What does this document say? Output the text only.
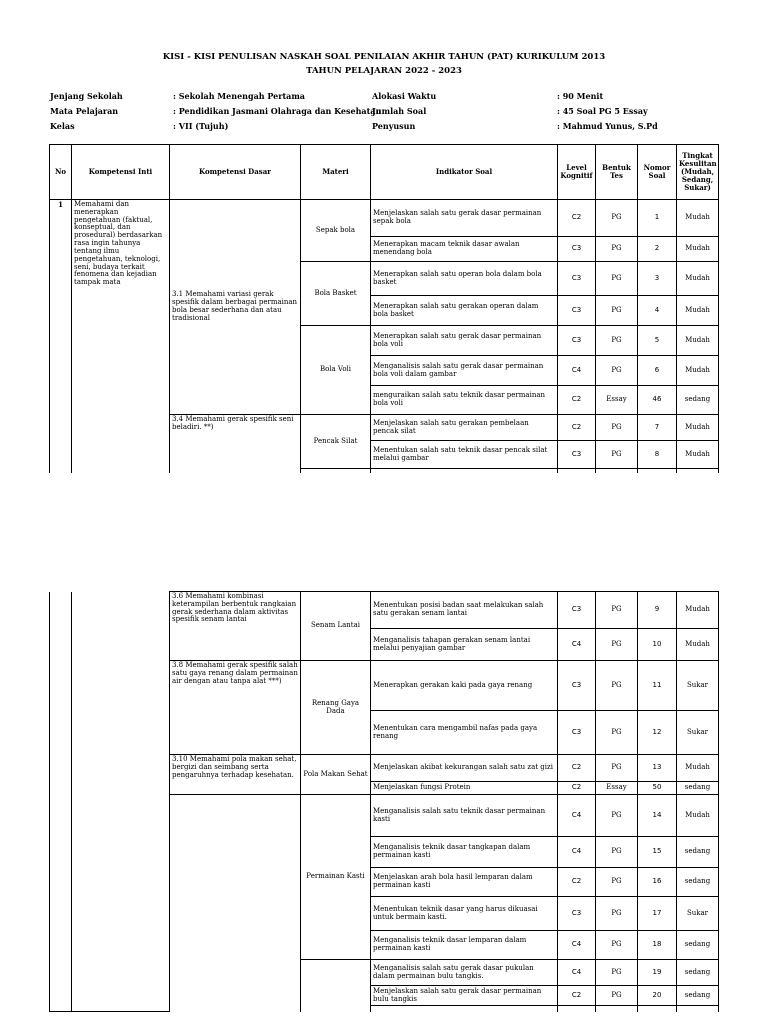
KISI - KISI PENULISAN NASKAH SOAL PENILAIAN AKHIR TAHUN (PAT) KURIKULUM 2013
TAHUN PELAJARAN 2022 - 2023
Jenjang Sekolah	: Sekolah Menengah Pertama
Mata Pelajaran	: Pendidikan Jasmani Olahraga dan Kesehatan
Kelas	: VII (Tujuh)
Alokasi Waktu	: 90 Menit
Jumlah Soal	: 45 Soal PG 5 Essay
Penyusun	: Mahmud Yunus, S.Pd
No	Kompetensi Inti	Kompetensi Dasar	Materi	Indikator Soal	Level Kognitif	Bentuk Tes	Nomor Soal	Tingkat Kesulitan (Mudah, Sedang, Sukar)	
1	Memahami dan menerapkan pengetahuan (faktual, konseptual, dan prosedural) berdasarkan rasa ingin tahunya tentang ilmu pengetahuan, teknologi, seni, budaya terkait fenomena dan kejadian tampak mata	3.1 Memahami variasi gerak spesifik dalam berbagai permainan bola besar sederhana dan atau tradisional	Sepak bola	Menjelaskan salah satu gerak dasar permainan sepak bola	C2	PG	1	Mudah	
				Menerapkan macam teknik dasar awalan menendang bola	C3	PG	2	Mudah	
			Bola Basket	Menerapkan salah satu operan bola dalam bola basket	C3	PG	3	Mudah	
				Menerapkan salah satu gerakan operan dalam bola basket	C3	PG	4	Mudah	
			Bola Voli	Menerapkan salah satu gerak dasar permainan bola voli	C3	PG	5	Mudah	
				Menganalisis salah satu gerak dasar permainan bola voli dalam gambar	C4	PG	6	Mudah	
				menguraikan salah satu teknik dasar permainan bola voli	C2	Essay	46	sedang	
		3.4 Memahami gerak spesifik seni beladiri. **)	Pencak Silat	Menjelaskan salah satu gerakan pembelaan pencak silat	C2	PG	7	Mudah	
				Menentukan salah satu teknik dasar pencak silat melalui gambar	C3	PG	8	Mudah	

		3.6 Memahami kombinasi keterampilan berbentuk rangkaian gerak sederhana dalam aktivitas spesifik senam lantai	Senam Lantai	Menentukan posisi badan saat melakukan salah satu gerakan senam lantai	C3	PG	9	Mudah
				Menganalisis tahapan gerakan senam lantai melalui penyajian gambar	C4	PG	10	Mudah
		3.8 Memahami gerak spesifik salah satu gaya renang dalam permainan air dengan atau tanpa alat ***)	Renang Gaya Dada	Menerapkan gerakan kaki pada gaya renang	C3	PG	11	Sukar
				Menentukan cara mengambil nafas pada gaya renang	C3	PG	12	Sukar
		3.10 Memahami pola makan sehat, bergizi dan seimbang serta pengaruhnya terhadap kesehatan.	Pola Makan Sehat	Menjelaskan akibat kekurangan salah satu zat gizi	C2	PG	13	Mudah
				Menjelaskan fungsi Protein	C2	Essay	50	sedang
			Permainan Kasti	Menganalisis salah satu teknik dasar permainan kasti	C4	PG	14	Mudah
				Menganalisis teknik dasar tangkapan dalam permainan kasti	C4	PG	15	sedang
				Menjelaskan arah bola hasil lemparan dalam permainan kasti	C2	PG	16	sedang
				Menentukan teknik dasar yang harus dikuasai untuk bermain kasti.	C3	PG	17	Sukar
				Menganalisis teknik dasar lemparan dalam permainan kasti	C4	PG	18	sedang
				Menganalisis salah satu gerak dasar pukulan dalam permainan bulu tangkis.	C4	PG	19	sedang
				Menjelaskan salah satu gerak dasar permainan bulu tangkis	C2	PG	20	sedang
